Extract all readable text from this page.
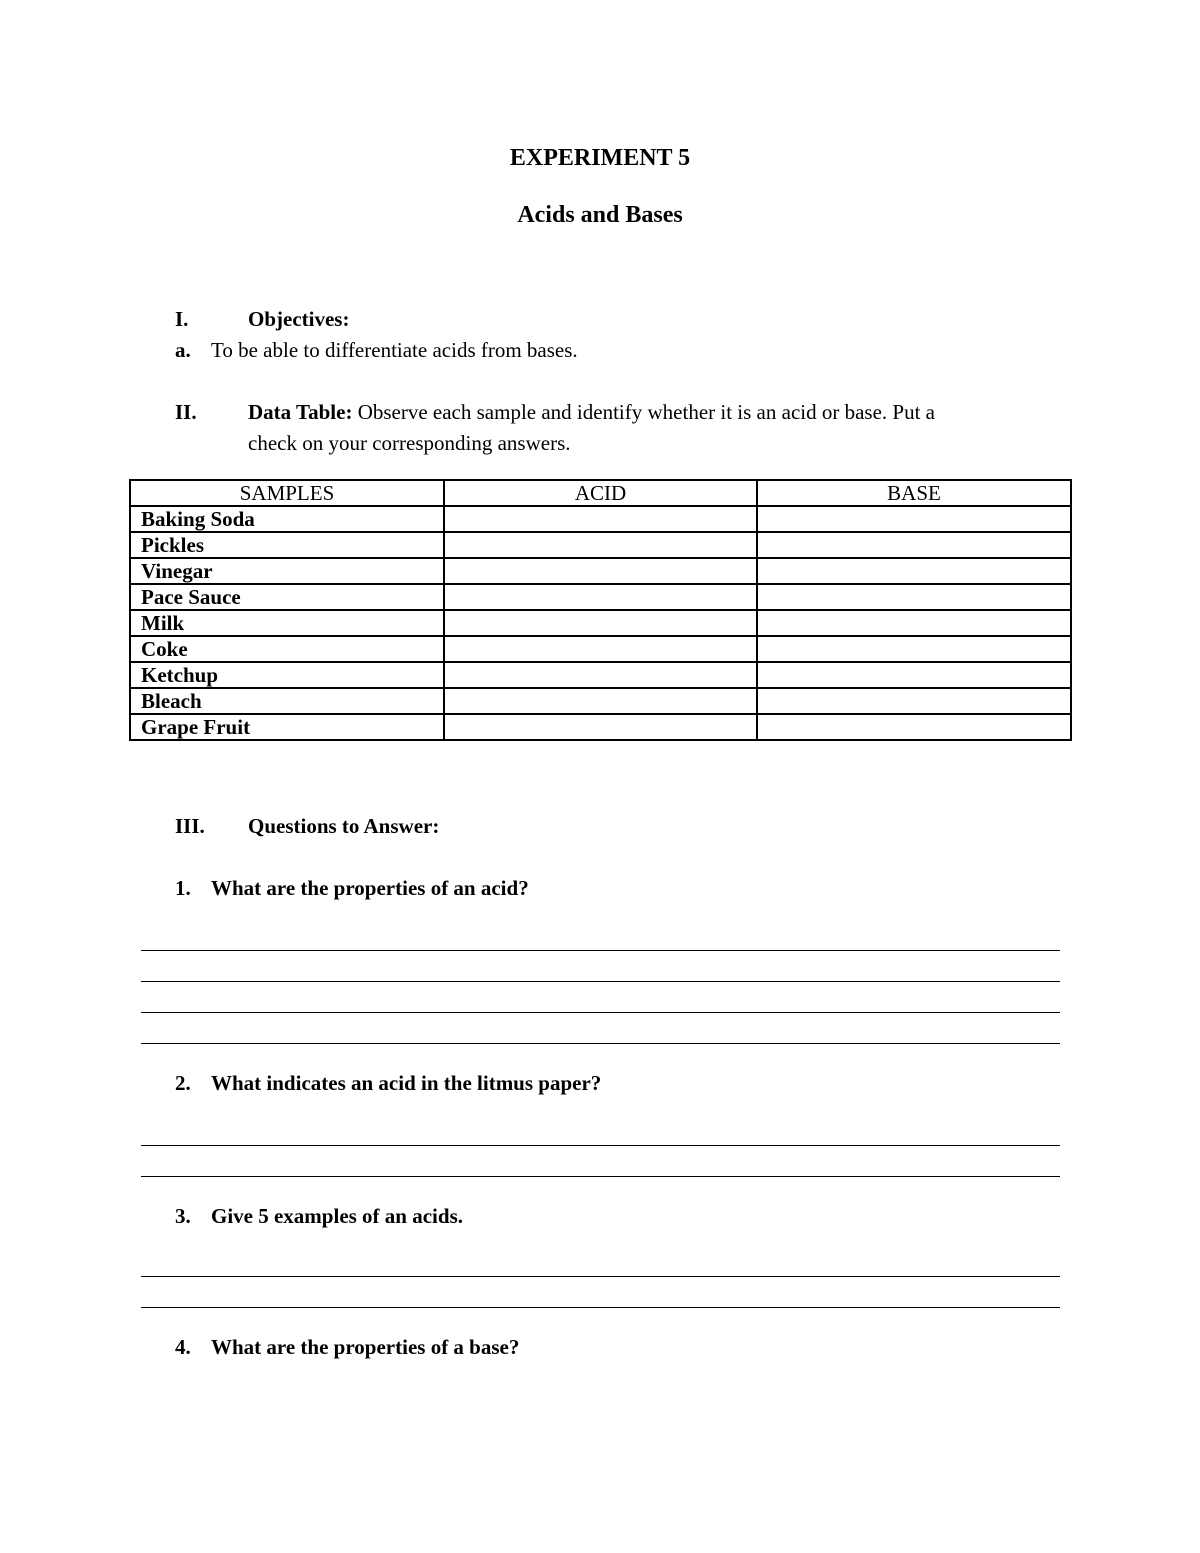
EXPERIMENT 5
Acids and Bases
I.	Objectives:
a. To be able to differentiate acids from bases.
II. Data Table: Observe each sample and identify whether it is an acid or base. Put a
check on your corresponding answers.
SAMPLES	ACID	BASE
Baking Soda		
Pickles		
Vinegar		
Pace Sauce		
Milk		
Coke		
Ketchup		
Bleach		
Grape Fruit		
III. Questions to Answer:
1. What are the properties of an acid?
2. What indicates an acid in the litmus paper?
3. Give 5 examples of an acids.
4. What are the properties of a base?
